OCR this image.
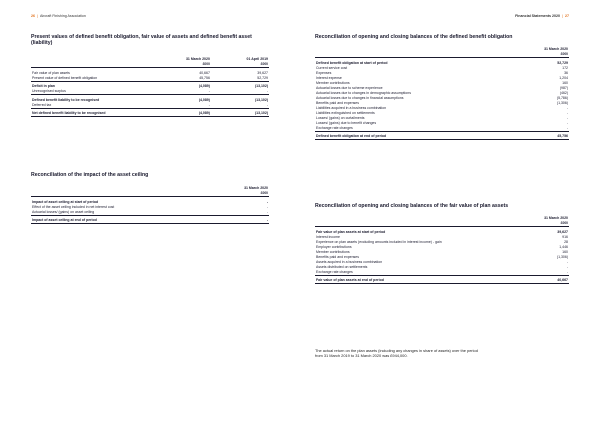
26 | Aircraft Finishing Association	Financial Statements 2020 | 27
Present values of defined benefit obligation, fair value of assets and defined benefit asset (liability)
	31 March 2020	01 April 2019
	£000	£000

Fair value of plan assets	40,667	39,627
Present value of defined benefit obligation	45,756	52,729

Deficit in plan	(4,089)	(13,102)
Unrecognised surplus	-	-

Defined benefit liability to be recognised	(4,089)	(13,102)
Deferred tax	-	-

Net defined benefit liability to be recognised	(4,089)	(13,102)
Reconciliation of the impact of the asset ceiling
	31 March 2020
	£000

Impact of asset ceiling at start of period	-
Effect of the asset ceiling included in net interest cost	-
Actuarial losses/ (gains) on asset ceiling	-

Impact of asset ceiling at end of period	-
Reconciliation of opening and closing balances of the defined benefit obligation
	31 March 2020
	£000

Defined benefit obligation at start of period	52,729
Current service cost	172
Expenses	36
Interest expense	1,204
Member contributions	160
Actuarial losses due to scheme experience	(987)
Actuarial losses due to changes in demographic assumptions	(462)
Actuarial losses due to changes in financial assumptions	(5,786)
Benefits paid and expenses	(1,306)
Liabilities acquired in a business combination	-
Liabilities extinguished on settlements	-
Losses/ (gains) on curtailments	-
Losses/ (gains) due to benefit changes	-
Exchange rate changes	-

Defined benefit obligation at end of period	45,756
Reconciliation of opening and closing balances of the fair value of plan assets
	31 March 2020
	£000

Fair value of plan assets at start of period	39,627
Interest income	916
Experience on plan assets (excluding amounts included in interest income) - gain	28
Employer contributions	1,446
Member contributions	160
Benefits paid and expenses	(1,306)
Assets acquired in a business combination	-
Assets distributed on settlements	-
Exchange rate changes	-

Fair value of plan assets at end of period	40,667
The actual return on the plan assets (including any changes in share of assets) over the period
from 31 March 2019 to 31 March 2020 was £944,000.
